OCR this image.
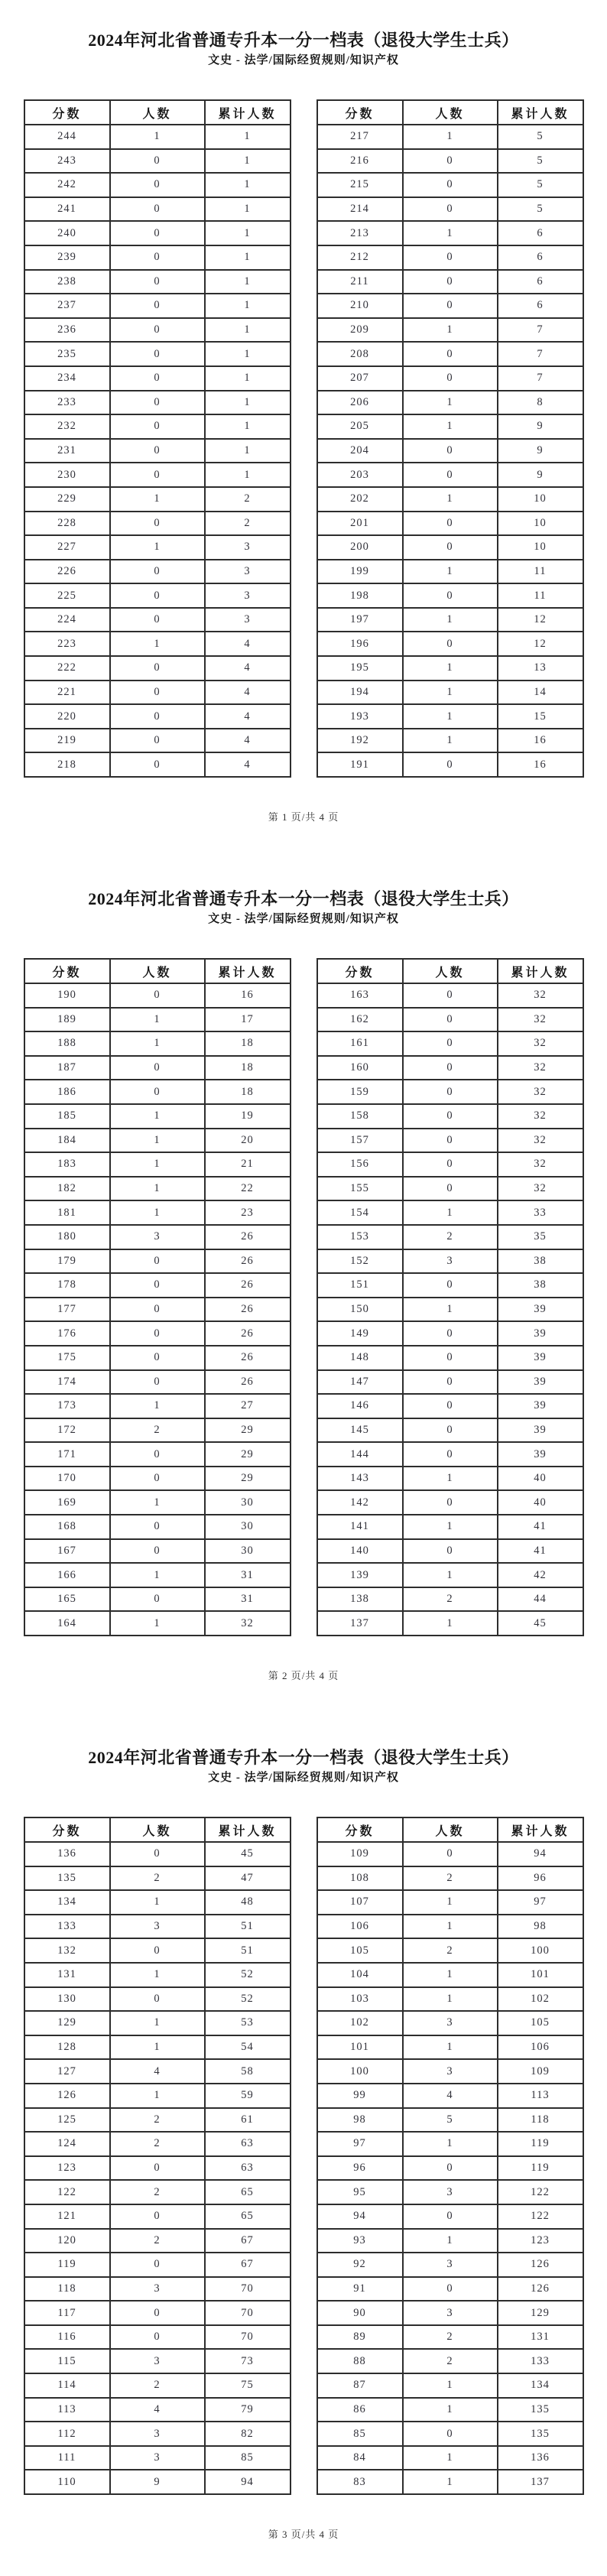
2024年河北省普通专升本一分一档表（退役大学生士兵）
文史 - 法学/国际经贸规则/知识产权
分数	人数	累计人数
244	1	1
243	0	1
242	0	1
241	0	1
240	0	1
239	0	1
238	0	1
237	0	1
236	0	1
235	0	1
234	0	1
233	0	1
232	0	1
231	0	1
230	0	1
229	1	2
228	0	2
227	1	3
226	0	3
225	0	3
224	0	3
223	1	4
222	0	4
221	0	4
220	0	4
219	0	4
218	0	4
分数	人数	累计人数
217	1	5
216	0	5
215	0	5
214	0	5
213	1	6
212	0	6
211	0	6
210	0	6
209	1	7
208	0	7
207	0	7
206	1	8
205	1	9
204	0	9
203	0	9
202	1	10
201	0	10
200	0	10
199	1	11
198	0	11
197	1	12
196	0	12
195	1	13
194	1	14
193	1	15
192	1	16
191	0	16
第 1 页/共 4 页
2024年河北省普通专升本一分一档表（退役大学生士兵）
文史 - 法学/国际经贸规则/知识产权
分数	人数	累计人数
190	0	16
189	1	17
188	1	18
187	0	18
186	0	18
185	1	19
184	1	20
183	1	21
182	1	22
181	1	23
180	3	26
179	0	26
178	0	26
177	0	26
176	0	26
175	0	26
174	0	26
173	1	27
172	2	29
171	0	29
170	0	29
169	1	30
168	0	30
167	0	30
166	1	31
165	0	31
164	1	32
分数	人数	累计人数
163	0	32
162	0	32
161	0	32
160	0	32
159	0	32
158	0	32
157	0	32
156	0	32
155	0	32
154	1	33
153	2	35
152	3	38
151	0	38
150	1	39
149	0	39
148	0	39
147	0	39
146	0	39
145	0	39
144	0	39
143	1	40
142	0	40
141	1	41
140	0	41
139	1	42
138	2	44
137	1	45
第 2 页/共 4 页
2024年河北省普通专升本一分一档表（退役大学生士兵）
文史 - 法学/国际经贸规则/知识产权
分数	人数	累计人数
136	0	45
135	2	47
134	1	48
133	3	51
132	0	51
131	1	52
130	0	52
129	1	53
128	1	54
127	4	58
126	1	59
125	2	61
124	2	63
123	0	63
122	2	65
121	0	65
120	2	67
119	0	67
118	3	70
117	0	70
116	0	70
115	3	73
114	2	75
113	4	79
112	3	82
111	3	85
110	9	94
分数	人数	累计人数
109	0	94
108	2	96
107	1	97
106	1	98
105	2	100
104	1	101
103	1	102
102	3	105
101	1	106
100	3	109
99	4	113
98	5	118
97	1	119
96	0	119
95	3	122
94	0	122
93	1	123
92	3	126
91	0	126
90	3	129
89	2	131
88	2	133
87	1	134
86	1	135
85	0	135
84	1	136
83	1	137
第 3 页/共 4 页
